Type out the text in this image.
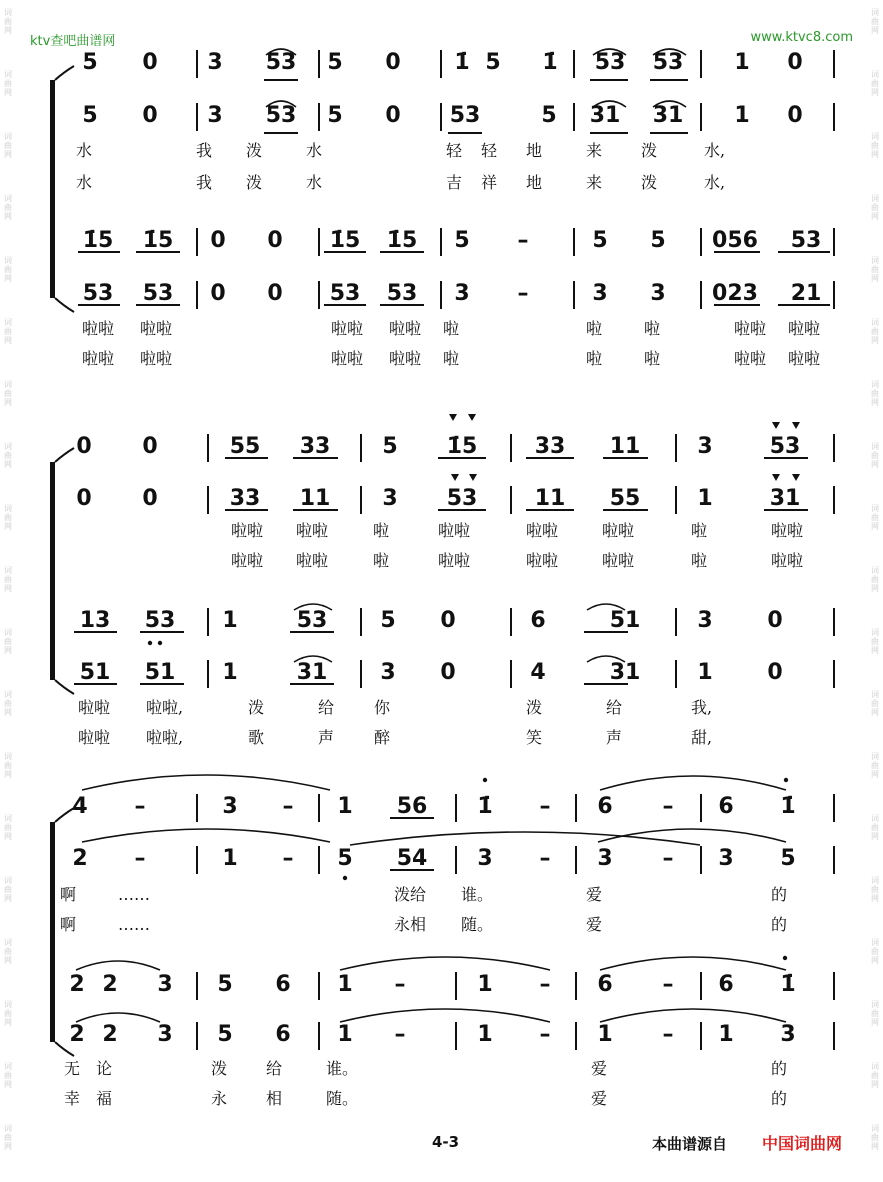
词
曲
网
词
曲
网
词
曲
网
词
曲
网
词
曲
网
词
曲
网
词
曲
网
词
曲
网
词
曲
网
词
曲
网
词
曲
网
词
曲
网
词
曲
网
词
曲
网
词
曲
网
词
曲
网
词
曲
网
词
曲
网
词
曲
网
词
曲
网
词
曲
网
词
曲
网
词
曲
网
词
曲
网
词
曲
网
词
曲
网
词
曲
网
词
曲
网
词
曲
网
词
曲
网
词
曲
网
词
曲
网
词
曲
网
词
曲
网
词
曲
网
词
曲
网
词
曲
网
词
曲
网
ktv查吧曲谱网	www.ktvc8.com
5	0	3	53	5	0	1̇ 5	1̇	53	53	1	0
5	0	3	53	5	0	53	5	31	31	1	0
水	我 泼	水	轻 轻 地	来 泼	水,
水	我 泼	水	吉 祥 地	来 泼	水,
1̇5	1̇5	0	0	1̇5	1̇5	5	–	5	5	056	53
53	53	0	0	53	53	3	–	3	3	023	21
啦啦 啦啦	啦啦 啦啦 啦	啦	啦	啦啦 啦啦
啦啦 啦啦	啦啦 啦啦 啦	啦	啦	啦啦 啦啦
0	0	55	33	5	1̇5	33	11	3	53
0	0	33	11	3	53	11	55	1	31
啦啦 啦啦	啦	啦啦	啦啦	啦啦	啦	啦啦
啦啦 啦啦	啦	啦啦	啦啦	啦啦	啦	啦啦
13	53	1	53	5	0	6	51	3	0
51	51	1	31	3	0	4	31	1	0
啦啦 啦啦,	泼	给 你	泼	给	我,
啦啦 啦啦,	歌	声 醉	笑	声	甜,
4	–	3	–	1	56	1̇	–	6	–	6	1̇
2	–	1	–	5	54	3	–	3	–	3	5
啊	……	泼给 谁。	爱	的
啊	……	永相 随。	爱	的
2 2	3	5	6	1	–	1	–	6	–	6	1̇
2 2	3	5	6	1	–	1	–	1	–	1	3
无 论	泼 给	谁。	爱	的
幸 福	永 相	随。	爱	的
4-3	本曲谱源自 中国词曲网
